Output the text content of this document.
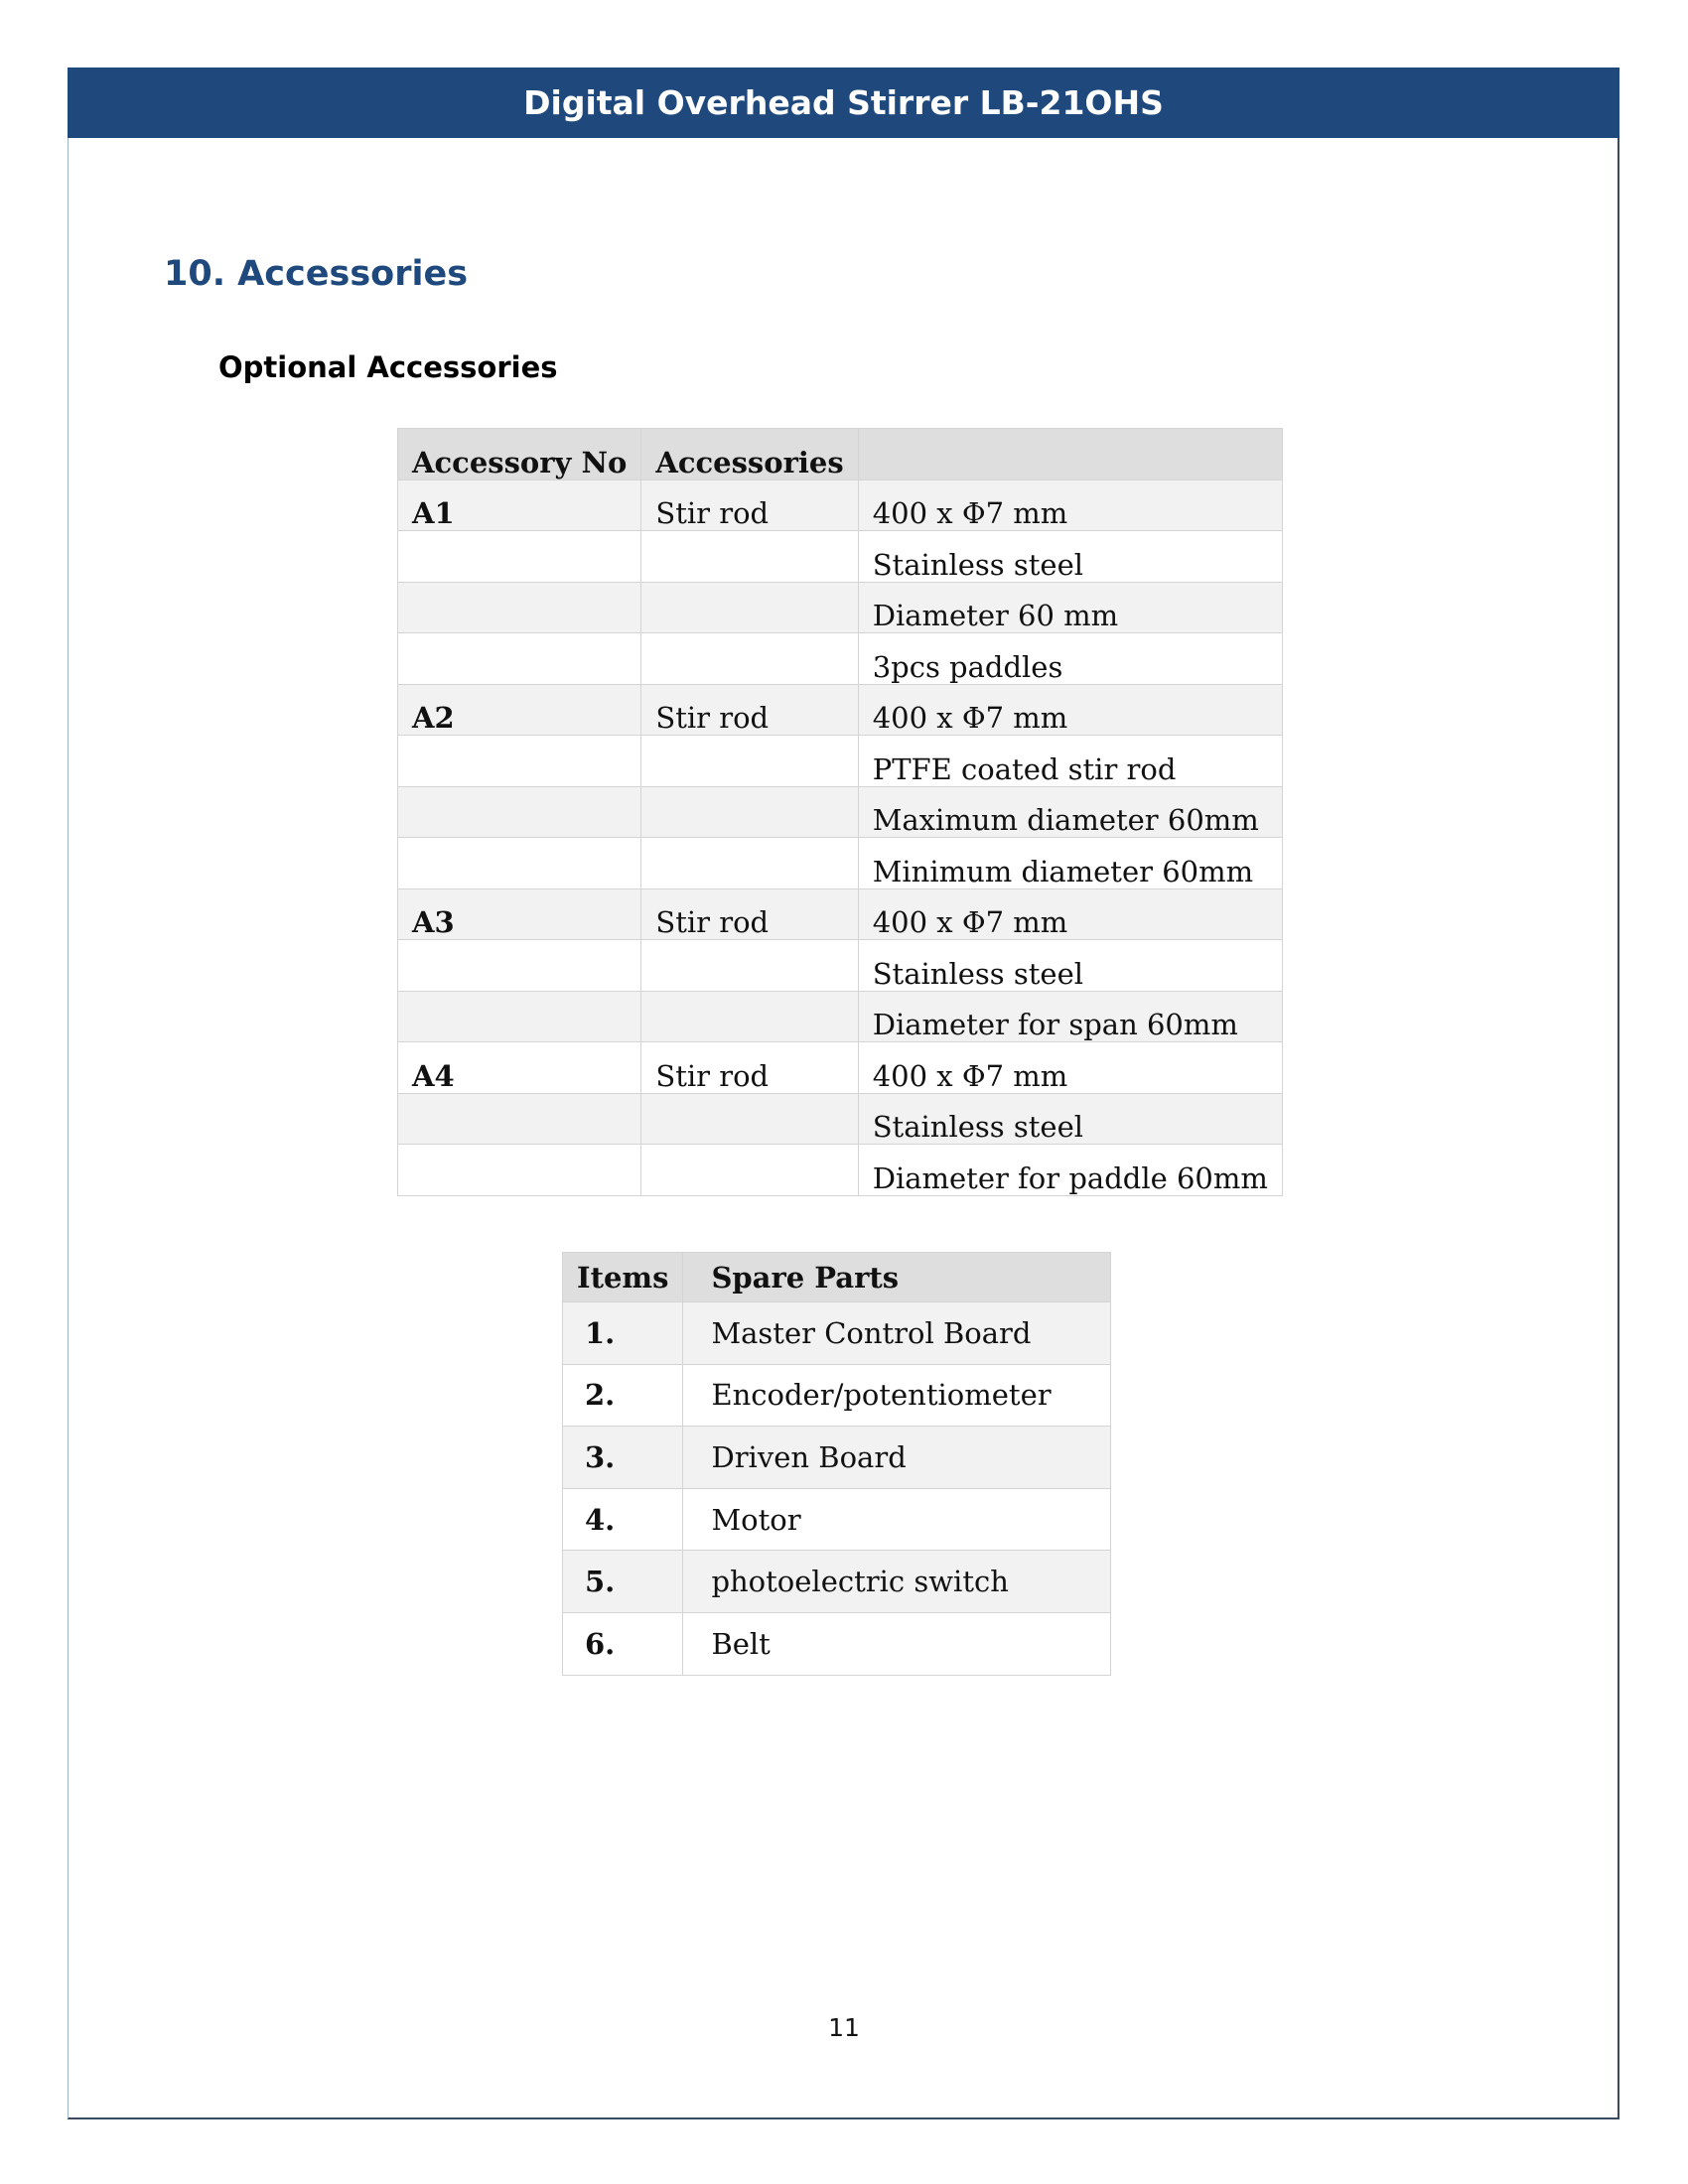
Digital Overhead Stirrer LB-21OHS
10. Accessories
Optional Accessories
Accessory No	Accessories	
A1	Stir rod	400 x Φ7 mm
		Stainless steel
		Diameter 60 mm
		3pcs paddles
A2	Stir rod	400 x Φ7 mm
		PTFE coated stir rod
		Maximum diameter 60mm
		Minimum diameter 60mm
A3	Stir rod	400 x Φ7 mm
		Stainless steel
		Diameter for span 60mm
A4	Stir rod	400 x Φ7 mm
		Stainless steel
		Diameter for paddle 60mm
Items	Spare Parts
1.	Master Control Board
2.	Encoder/potentiometer
3.	Driven Board
4.	Motor
5.	photoelectric switch
6.	Belt
11
